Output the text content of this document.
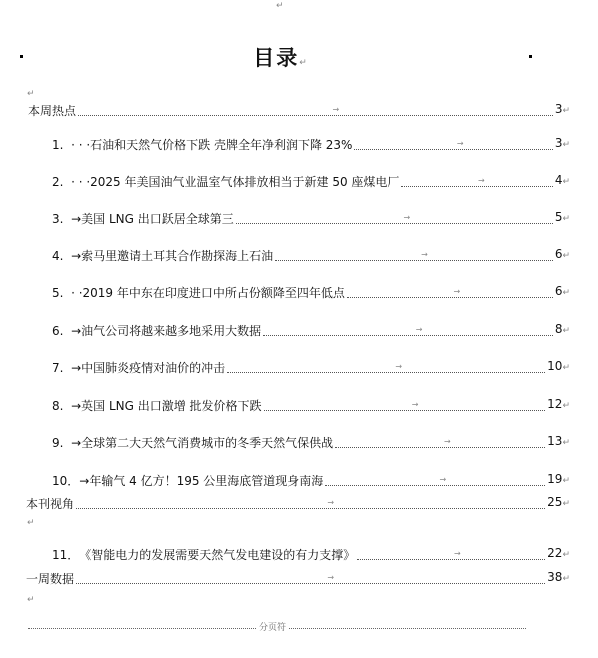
↵
目录↵
↵
本周热点	→	3↵
1.  · · · 石油和天然气价格下跌 壳牌全年净利润下降 23%	→	3↵
2.  · · · 2025 年美国油气业温室气体排放相当于新建 50 座煤电厂	→	4↵
3.  → 美国 LNG 出口跃居全球第三	→	5↵
4.  → 索马里邀请土耳其合作勘探海上石油	→	6↵
5.  · · 2019 年中东在印度进口中所占份额降至四年低点	→	6↵
6.  → 油气公司将越来越多地采用大数据	→	8↵
7.  → 中国肺炎疫情对油价的冲击	→	10↵
8.  → 英国 LNG 出口激增 批发价格下跌	→	12↵
9.  → 全球第二大天然气消费城市的冬季天然气保供战	→	13↵
10．→ 年输气 4 亿方！195 公里海底管道现身南海	→	19↵
本刊视角	→	25↵
↵
11． 《智能电力的发展需要天然气发电建设的有力支撑》	→	22↵
一周数据	→	38↵
↵
分页符
